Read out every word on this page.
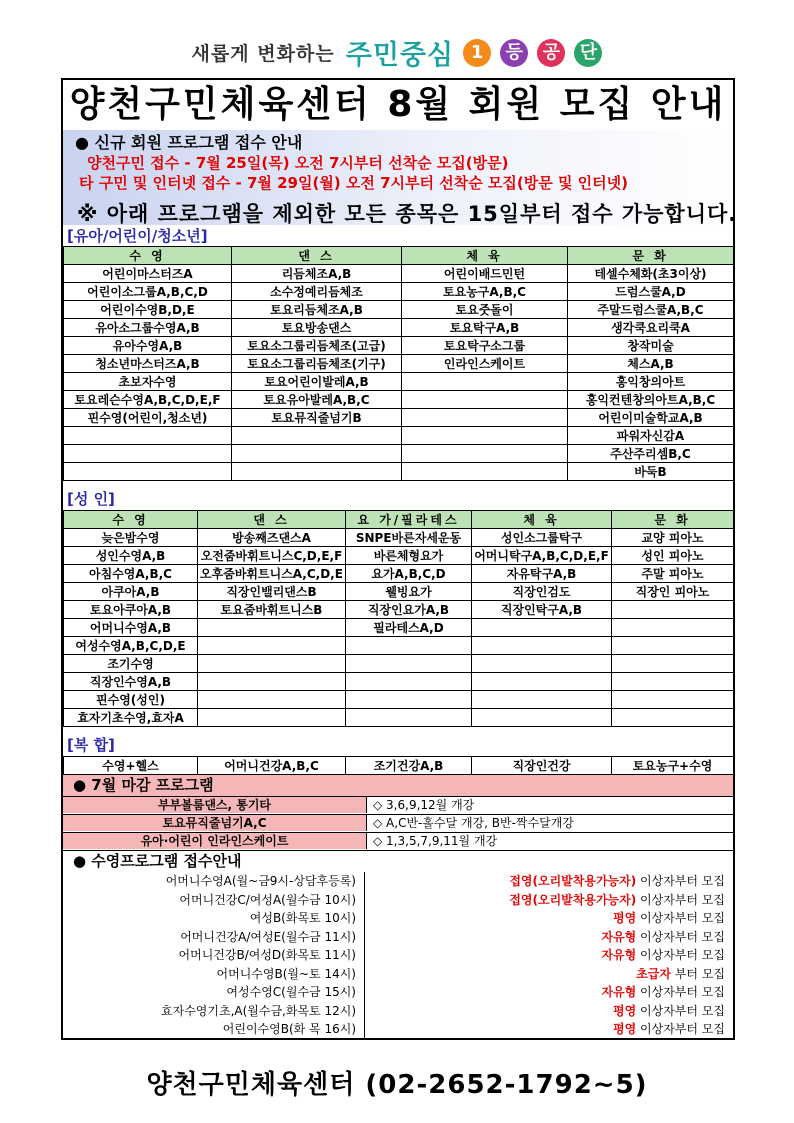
새롭게 변화하는 주민중심 1 등 공 단
양천구민체육센터 8월 회원 모집 안내
● 신규 회원 프로그램 접수 안내
양천구민 접수 - 7월 25일(목) 오전 7시부터 선착순 모집(방문)
타 구민 및 인터넷 접수 - 7월 29일(월) 오전 7시부터 선착순 모집(방문 및 인터넷)
※ 아래 프로그램을 제외한 모든 종목은 15일부터 접수 가능합니다.
[유아/어린이/청소년]
수 영	댄 스	체 육	문 화
어린이마스터즈A	리듬체조A,B	어린이배드민턴	테셀수체화(초3이상)
어린이소그룹A,B,C,D	소수정예리듬체조	토요농구A,B,C	드럼스쿨A,D
어린이수영B,D,E	토요리듬체조A,B	토요줏돌이	주말드럼스쿨A,B,C
유아소그룹수영A,B	토요방송댄스	토요탁구A,B	생각쿡요리쿡A
유아수영A,B	토요소그룹리듬체조(고급)	토요탁구소그룹	창작미술
청소년마스터즈A,B	토요소그룹리듬체조(기구)	인라인스케이트	체스A,B
초보자수영	토요어린이발레A,B		홍익창의아트
토요레슨수영A,B,C,D,E,F	토요유아발레A,B,C		홍익컨텐창의아트A,B,C
핀수영(어린이,청소년)	토요뮤직줄넘기B		어린이미술학교A,B
			파워자신감A
			주산주리셈B,C
			바둑B
[성 인]
수 영	댄 스	요 가/필라테스	체 육	문 화
늦은밤수영	방송째즈댄스A	SNPE바른자세운동	성인소그룹탁구	교양 피아노
성인수영A,B	오전줌바휘트니스C,D,E,F	바른체형요가	어머니탁구A,B,C,D,E,F	성인 피아노
아침수영A,B,C	오후줌바휘트니스A,C,D,E	요가A,B,C,D	자유탁구A,B	주말 피아노
아쿠아A,B	직장인밸리댄스B	웰빙요가	직장인검도	직장인 피아노
토요아쿠아A,B	토요줌바휘트니스B	직장인요가A,B	직장인탁구A,B	
어머니수영A,B		필라테스A,D		
여성수영A,B,C,D,E				
조기수영				
직장인수영A,B				
핀수영(성인)				
효자기초수영,효자A				
[복 합]
수영+헬스	어머니건강A,B,C	조기건강A,B	직장인건강	토요농구+수영
● 7월 마감 프로그램
부부볼룸댄스, 통기타	◇ 3,6,9,12월 개강
토요뮤직줄넘기A,C	◇ A,C반-홀수달 개강, B반-짝수달개강
유아·어린이 인라인스케이트	◇ 1,3,5,7,9,11월 개강
● 수영프로그램 접수안내
어머니수영A(월~금9시-상담후등록)	접영(오리발착용가능자) 이상자부터 모집
어머니건강C/여성A(월수금 10시)	접영(오리발착용가능자) 이상자부터 모집
여성B(화목토 10시)	평영 이상자부터 모집
어머니건강A/여성E(월수금 11시)	자유형 이상자부터 모집
어머니건강B/여성D(화목토 11시)	자유형 이상자부터 모집
어머니수영B(월~토 14시)	초급자 부터 모집
여성수영C(월수금 15시)	자유형 이상자부터 모집
효자수영기초,A(월수금,화목토 12시)	평영 이상자부터 모집
어린이수영B(화 목 16시)	평영 이상자부터 모집
양천구민체육센터 (02-2652-1792~5)
